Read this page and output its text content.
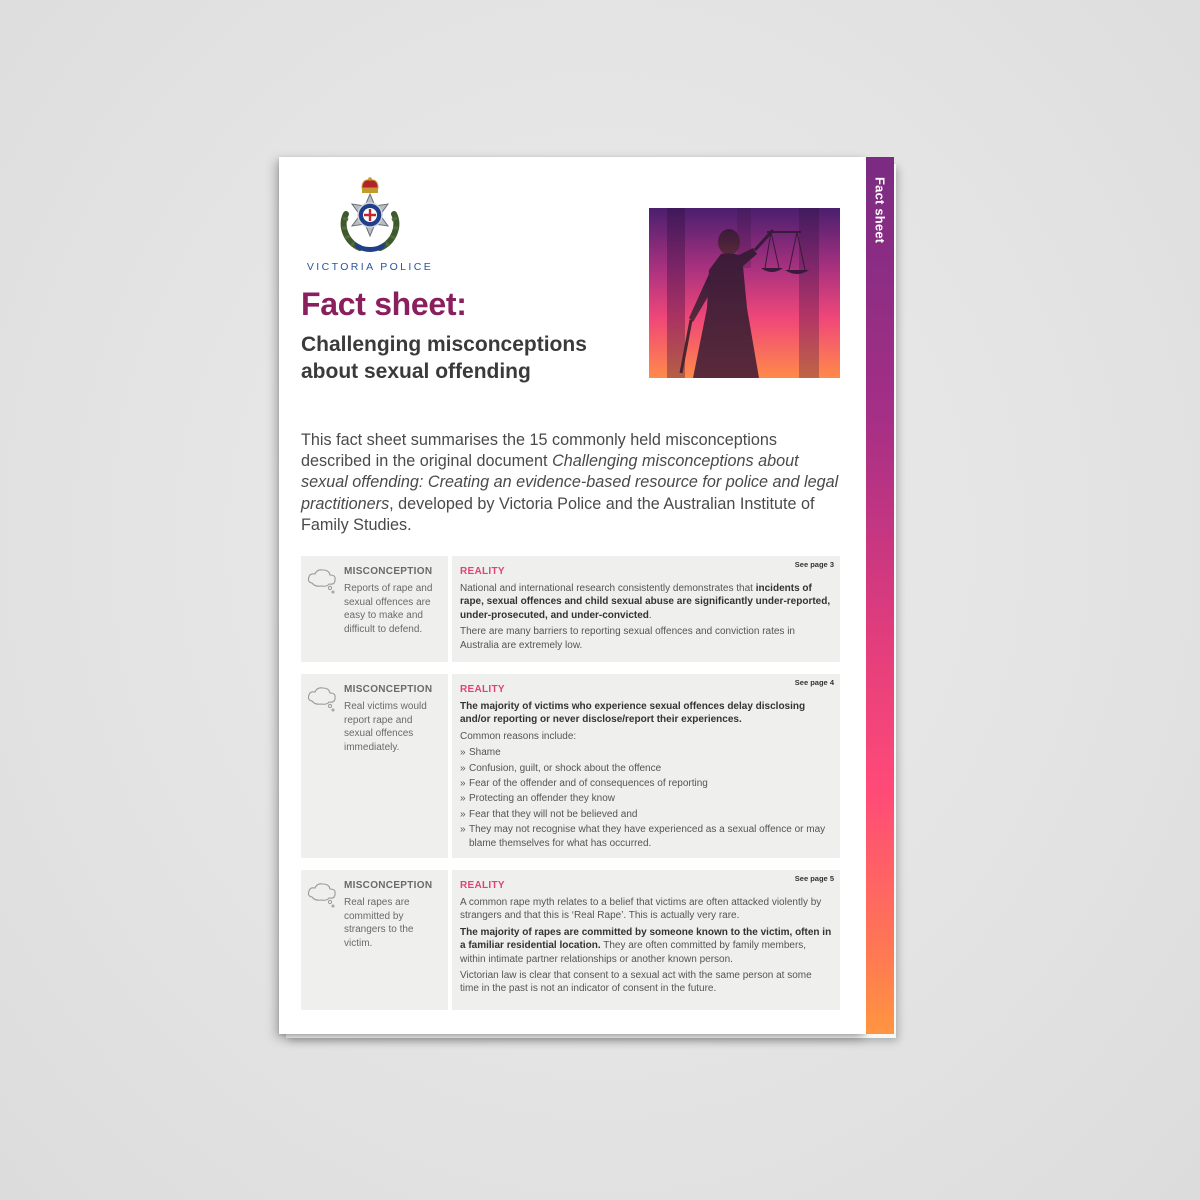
Fact sheet
VICTORIA POLICE
Fact sheet:
Challenging misconceptions about sexual offending
This fact sheet summarises the 15 commonly held misconceptions described in the original document Challenging misconceptions about sexual offending: Creating an evidence-based resource for police and legal practitioners, developed by Victoria Police and the Australian Institute of Family Studies.
MISCONCEPTION
Reports of rape and sexual offences are easy to make and difficult to defend.
REALITY
See page 3

National and international research consistently demonstrates that incidents of rape, sexual offences and child sexual abuse are significantly under-reported, under-prosecuted, and under-convicted.

There are many barriers to reporting sexual offences and conviction rates in Australia are extremely low.

MISCONCEPTION
Real victims would report rape and sexual offences immediately.
REALITY
See page 4

The majority of victims who experience sexual offences delay disclosing and/or reporting or never disclose/report their experiences.

Common reasons include:

» Shame
» Confusion, guilt, or shock about the offence
» Fear of the offender and of consequences of reporting
» Protecting an offender they know
» Fear that they will not be believed and
» They may not recognise what they have experienced as a sexual offence or may blame themselves for what has occurred.
MISCONCEPTION
Real rapes are committed by strangers to the victim.
REALITY
See page 5

A common rape myth relates to a belief that victims are often attacked violently by strangers and that this is ‘Real Rape’. This is actually very rare.

The majority of rapes are committed by someone known to the victim, often in a familiar residential location. They are often committed by family members, within intimate partner relationships or another known person.

Victorian law is clear that consent to a sexual act with the same person at some time in the past is not an indicator of consent in the future.
